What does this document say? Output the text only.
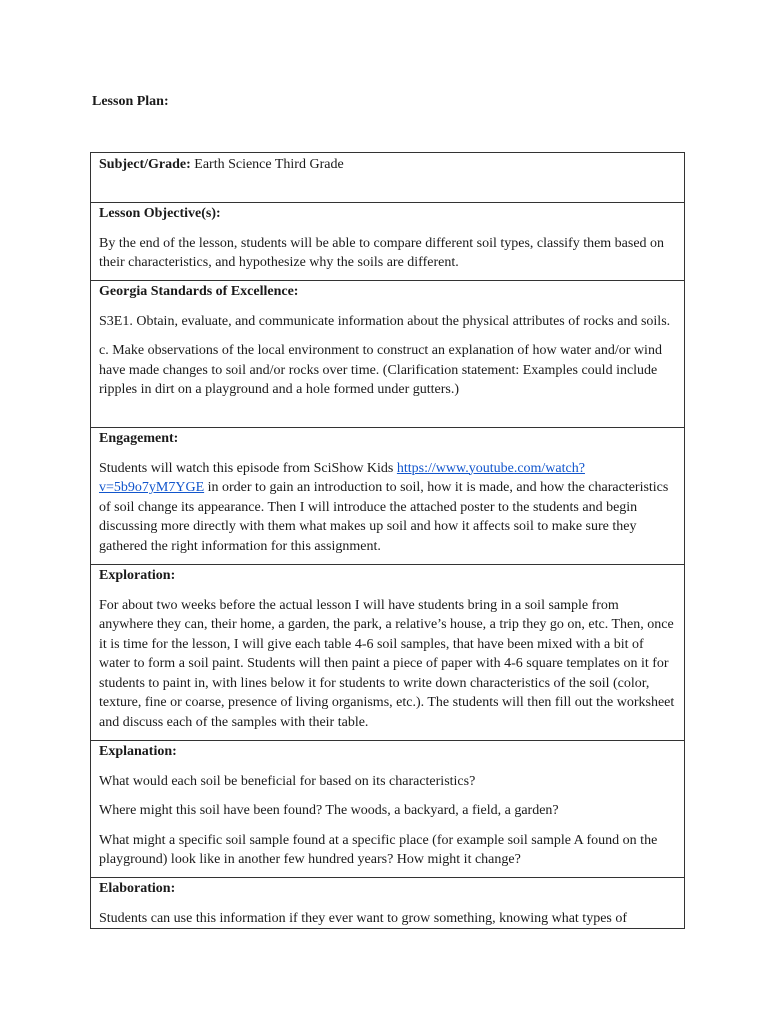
Lesson Plan:
Subject/Grade: Earth Science Third Grade

Lesson Objective(s):

By the end of the lesson, students will be able to compare different soil types, classify them based on their characteristics, and hypothesize why the soils are different.

Georgia Standards of Excellence:

S3E1. Obtain, evaluate, and communicate information about the physical attributes of rocks and soils.

c. Make observations of the local environment to construct an explanation of how water and/or wind have made changes to soil and/or rocks over time. (Clarification statement: Examples could include ripples in dirt on a playground and a hole formed under gutters.)

Engagement:

Students will watch this episode from SciShow Kids https://www.youtube.com/watch?v=5b9o7yM7YGE in order to gain an introduction to soil, how it is made, and how the characteristics of soil change its appearance. Then I will introduce the attached poster to the students and begin discussing more directly with them what makes up soil and how it affects soil to make sure they gathered the right information for this assignment.

Exploration:

For about two weeks before the actual lesson I will have students bring in a soil sample from anywhere they can, their home, a garden, the park, a relative’s house, a trip they go on, etc. Then, once it is time for the lesson, I will give each table 4-6 soil samples, that have been mixed with a bit of water to form a soil paint. Students will then paint a piece of paper with 4-6 square templates on it for students to paint in, with lines below it for students to write down characteristics of the soil (color, texture, fine or coarse, presence of living organisms, etc.). The students will then fill out the worksheet and discuss each of the samples with their table.

Explanation:

What would each soil be beneficial for based on its characteristics?

Where might this soil have been found? The woods, a backyard, a field, a garden?

What might a specific soil sample found at a specific place (for example soil sample A found on the playground) look like in another few hundred years? How might it change?

Elaboration:

Students can use this information if they ever want to grow something, knowing what types of
